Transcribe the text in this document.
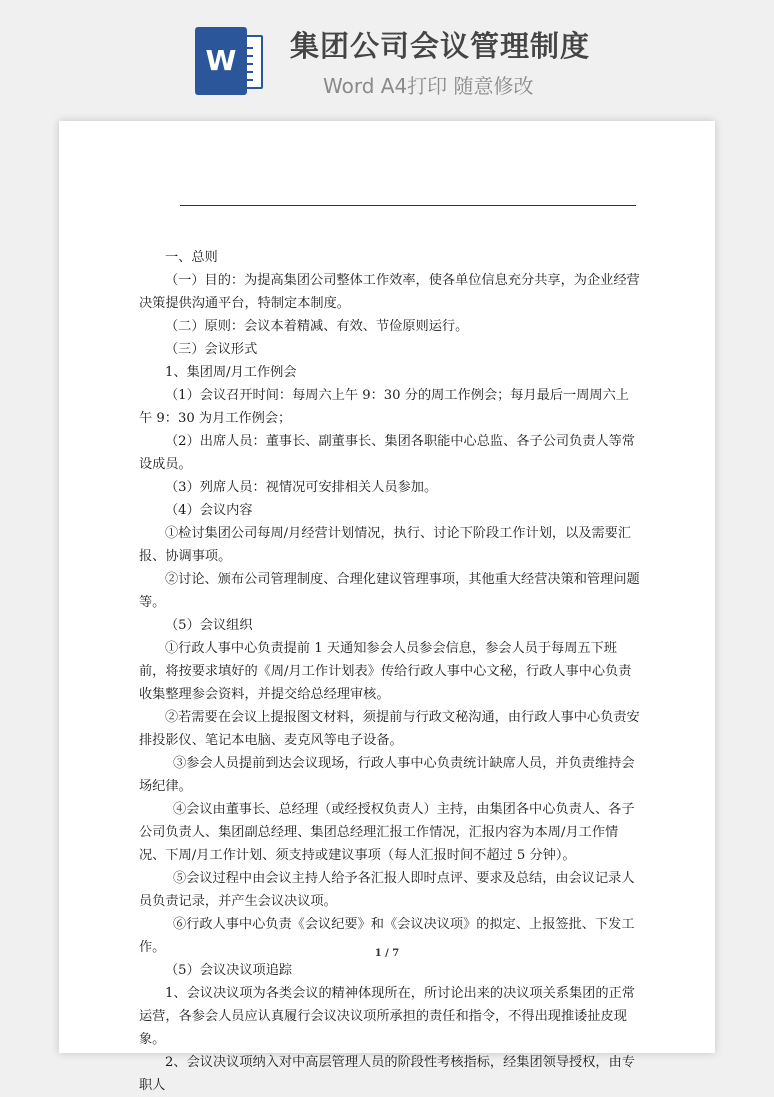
W	集团公司会议管理制度
Word A4打印 随意修改

一、总则

（一）目的：为提高集团公司整体工作效率，使各单位信息充分共享，为企业经营决策提供沟通平台，特制定本制度。

（二）原则：会议本着精减、有效、节俭原则运行。

（三）会议形式

1、集团周/月工作例会

（1）会议召开时间：每周六上午 9：30 分的周工作例会；每月最后一周周六上午 9：30 为月工作例会；

（2）出席人员：董事长、副董事长、集团各职能中心总监、各子公司负责人等常设成员。

（3）列席人员：视情况可安排相关人员参加。

（4）会议内容

①检讨集团公司每周/月经营计划情况，执行、讨论下阶段工作计划，以及需要汇报、协调事项。

②讨论、颁布公司管理制度、合理化建议管理事项，其他重大经营决策和管理问题等。

（5）会议组织

①行政人事中心负责提前 1 天通知参会人员参会信息，参会人员于每周五下班前，将按要求填好的《周/月工作计划表》传给行政人事中心文秘，行政人事中心负责收集整理参会资料，并提交给总经理审核。

②若需要在会议上提报图文材料，须提前与行政文秘沟通，由行政人事中心负责安排投影仪、笔记本电脑、麦克风等电子设备。

③参会人员提前到达会议现场，行政人事中心负责统计缺席人员，并负责维持会场纪律。

④会议由董事长、总经理（或经授权负责人）主持，由集团各中心负责人、各子公司负责人、集团副总经理、集团总经理汇报工作情况，汇报内容为本周/月工作情况、下周/月工作计划、须支持或建议事项（每人汇报时间不超过 5 分钟）。

⑤会议过程中由会议主持人给予各汇报人即时点评、要求及总结，由会议记录人员负责记录，并产生会议决议项。

⑥行政人事中心负责《会议纪要》和《会议决议项》的拟定、上报签批、下发工作。

（5）会议决议项追踪

1、会议决议项为各类会议的精神体现所在，所讨论出来的决议项关系集团的正常运营，各参会人员应认真履行会议决议项所承担的责任和指令，不得出现推诿扯皮现象。

2、会议决议项纳入对中高层管理人员的阶段性考核指标，经集团领导授权，由专职人

1 / 7
